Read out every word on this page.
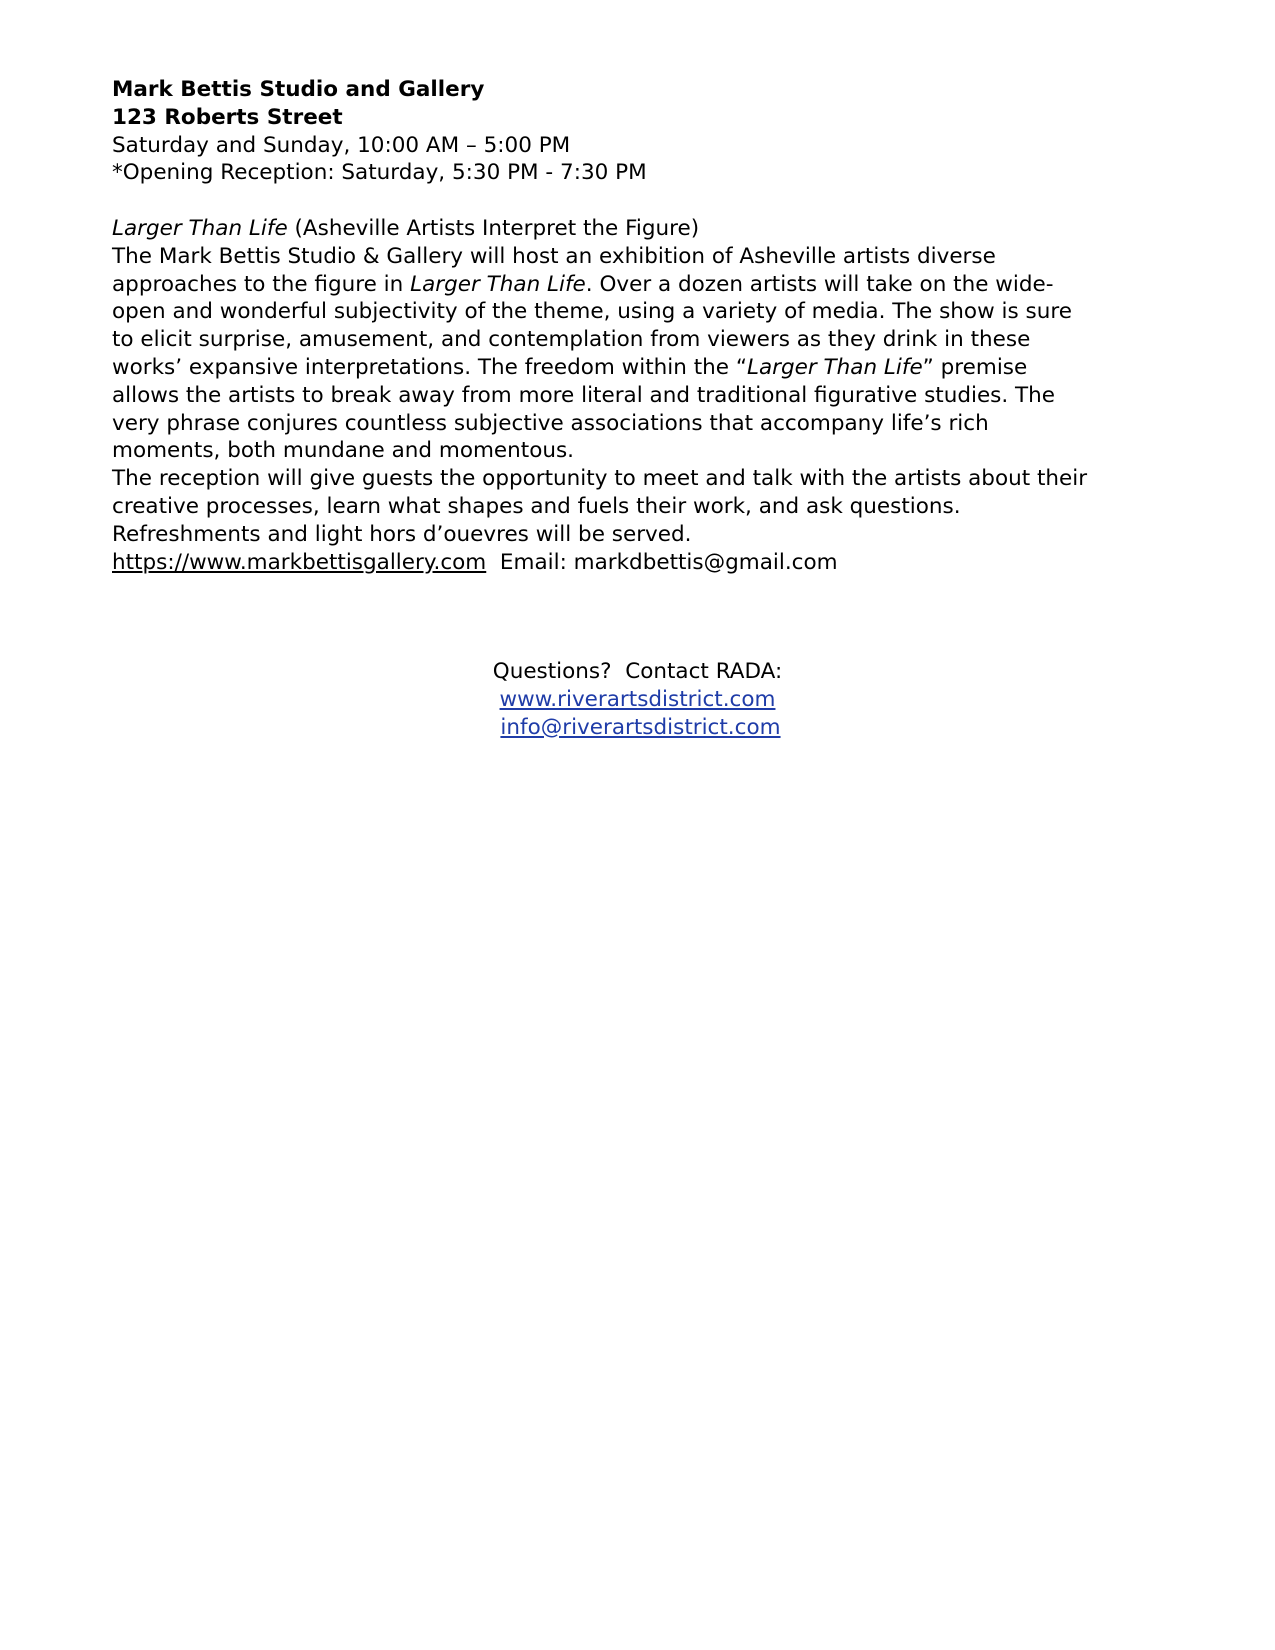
Mark Bettis Studio and Gallery
123 Roberts Street
Saturday and Sunday, 10:00 AM – 5:00 PM
*Opening Reception: Saturday, 5:30 PM - 7:30 PM
Larger Than Life (Asheville Artists Interpret the Figure)
The Mark Bettis Studio & Gallery will host an exhibition of Asheville artists diverse
approaches to the figure in Larger Than Life. Over a dozen artists will take on the wide-
open and wonderful subjectivity of the theme, using a variety of media. The show is sure
to elicit surprise, amusement, and contemplation from viewers as they drink in these
works’ expansive interpretations. The freedom within the “Larger Than Life” premise
allows the artists to break away from more literal and traditional figurative studies. The
very phrase conjures countless subjective associations that accompany life’s rich
moments, both mundane and momentous.
The reception will give guests the opportunity to meet and talk with the artists about their
creative processes, learn what shapes and fuels their work, and ask questions.
Refreshments and light hors d’ouevres will be served.
https://www.markbettisgallery.com  Email: markdbettis@gmail.com
Questions?  Contact RADA:
www.riverartsdistrict.com
info@riverartsdistrict.com
